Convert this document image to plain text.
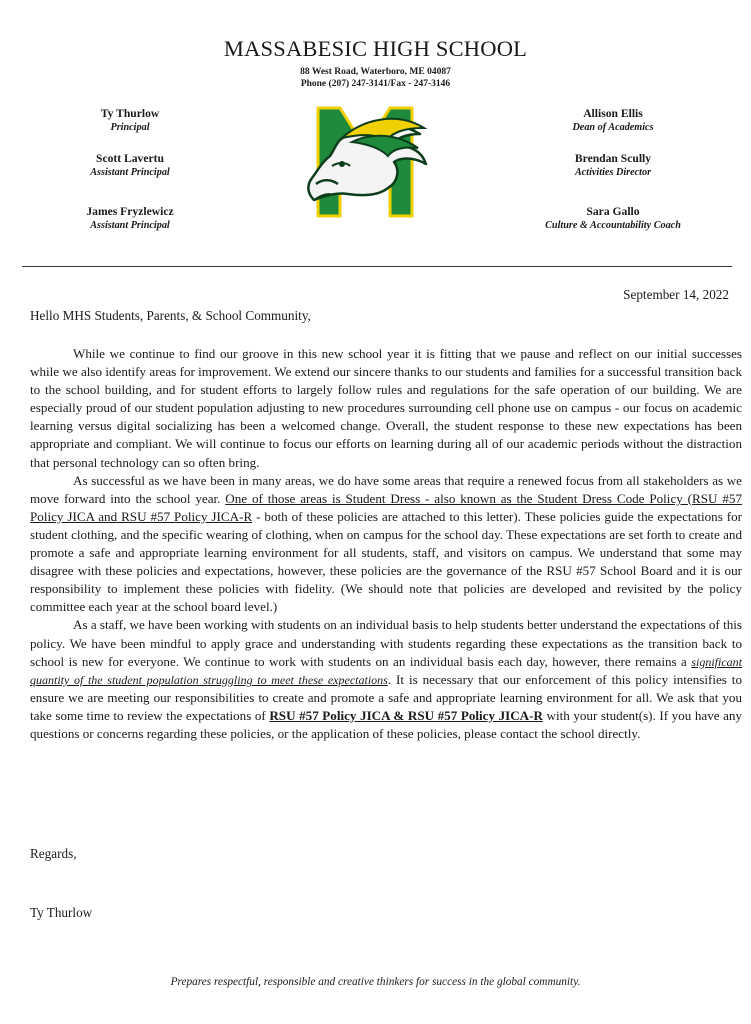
MASSABESIC HIGH SCHOOL
88 West Road, Waterboro, ME 04087
Phone (207) 247-3141/Fax - 247-3146
Ty Thurlow
Principal
Scott Lavertu
Assistant Principal
James Fryzlewicz
Assistant Principal
Allison Ellis
Dean of Academics
Brendan Scully
Activities Director
Sara Gallo
Culture & Accountability Coach
September 14, 2022
Hello MHS Students, Parents, & School Community,

While we continue to find our groove in this new school year it is fitting that we pause and reflect on our initial successes while we also identify areas for improvement. We extend our sincere thanks to our students and families for a successful transition back to the school building, and for student efforts to largely follow rules and regulations for the safe operation of our building. We are especially proud of our student population adjusting to new procedures surrounding cell phone use on campus - our focus on academic learning versus digital socializing has been a welcomed change. Overall, the student response to these new expectations has been appropriate and compliant. We will continue to focus our efforts on learning during all of our academic periods without the distraction that personal technology can so often bring.

As successful as we have been in many areas, we do have some areas that require a renewed focus from all stakeholders as we move forward into the school year. One of those areas is Student Dress - also known as the Student Dress Code Policy (RSU #57 Policy JICA and RSU #57 Policy JICA-R - both of these policies are attached to this letter). These policies guide the expectations for student clothing, and the specific wearing of clothing, when on campus for the school day. These expectations are set forth to create and promote a safe and appropriate learning environment for all students, staff, and visitors on campus. We understand that some may disagree with these policies and expectations, however, these policies are the governance of the RSU #57 School Board and it is our responsibility to implement these policies with fidelity. (We should note that policies are developed and revisited by the policy committee each year at the school board level.)

As a staff, we have been working with students on an individual basis to help students better understand the expectations of this policy. We have been mindful to apply grace and understanding with students regarding these expectations as the transition back to school is new for everyone. We continue to work with students on an individual basis each day, however, there remains a significant quantity of the student population struggling to meet these expectations. It is necessary that our enforcement of this policy intensifies to ensure we are meeting our responsibilities to create and promote a safe and appropriate learning environment for all. We ask that you take some time to review the expectations of RSU #57 Policy JICA & RSU #57 Policy JICA-R with your student(s). If you have any questions or concerns regarding these policies, or the application of these policies, please contact the school directly.

Regards,
Ty Thurlow
Prepares respectful, responsible and creative thinkers for success in the global community.
